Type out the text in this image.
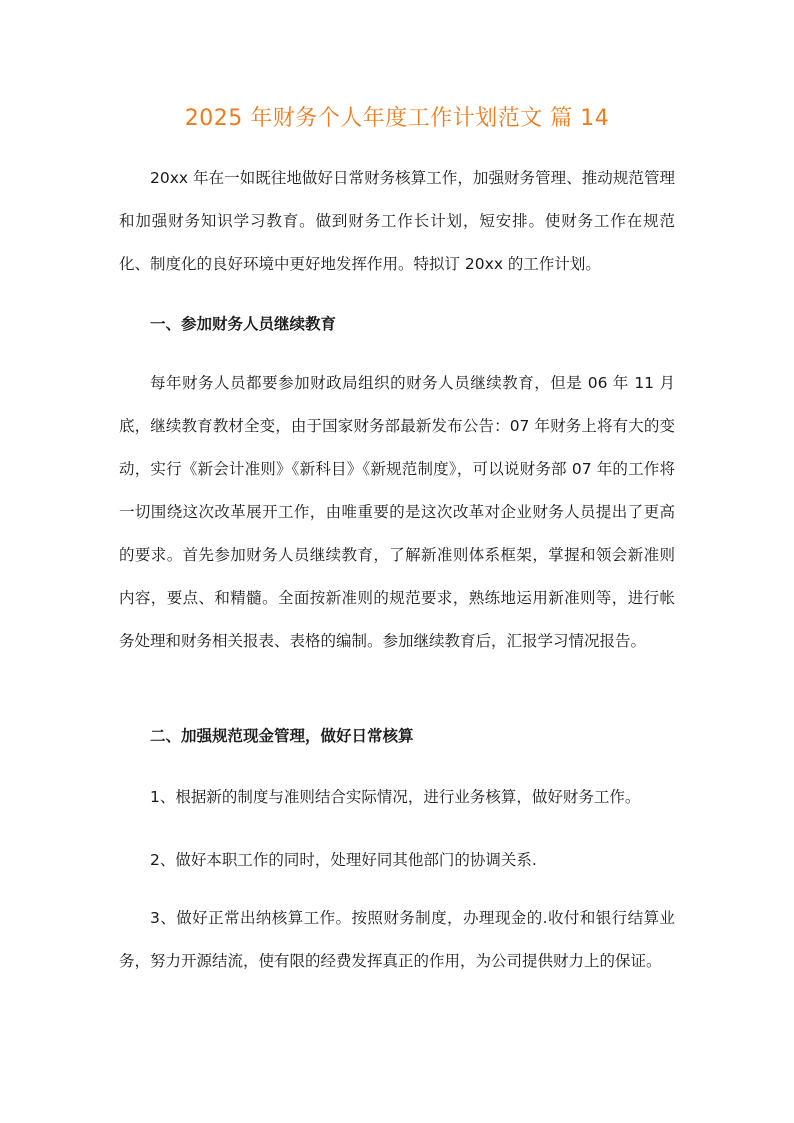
2025 年财务个人年度工作计划范文 篇 14

20xx 年在一如既往地做好日常财务核算工作，加强财务管理、推动规范管理和加强财务知识学习教育。做到财务工作长计划，短安排。使财务工作在规范化、制度化的良好环境中更好地发挥作用。特拟订 20xx 的工作计划。

一、参加财务人员继续教育

每年财务人员都要参加财政局组织的财务人员继续教育，但是 06 年 11 月底，继续教育教材全变，由于国家财务部最新发布公告：07 年财务上将有大的变动，实行《新会计准则》《新科目》《新规范制度》，可以说财务部 07 年的工作将一切围绕这次改革展开工作，由唯重要的是这次改革对企业财务人员提出了更高的要求。首先参加财务人员继续教育，了解新准则体系框架，掌握和领会新准则内容，要点、和精髓。全面按新准则的规范要求，熟练地运用新准则等，进行帐务处理和财务相关报表、表格的编制。参加继续教育后，汇报学习情况报告。

二、加强规范现金管理，做好日常核算

1、根据新的制度与准则结合实际情况，进行业务核算，做好财务工作。

2、做好本职工作的同时，处理好同其他部门的协调关系.

3、做好正常出纳核算工作。按照财务制度，办理现金的.收付和银行结算业务，努力开源结流，使有限的经费发挥真正的作用，为公司提供财力上的保证。
